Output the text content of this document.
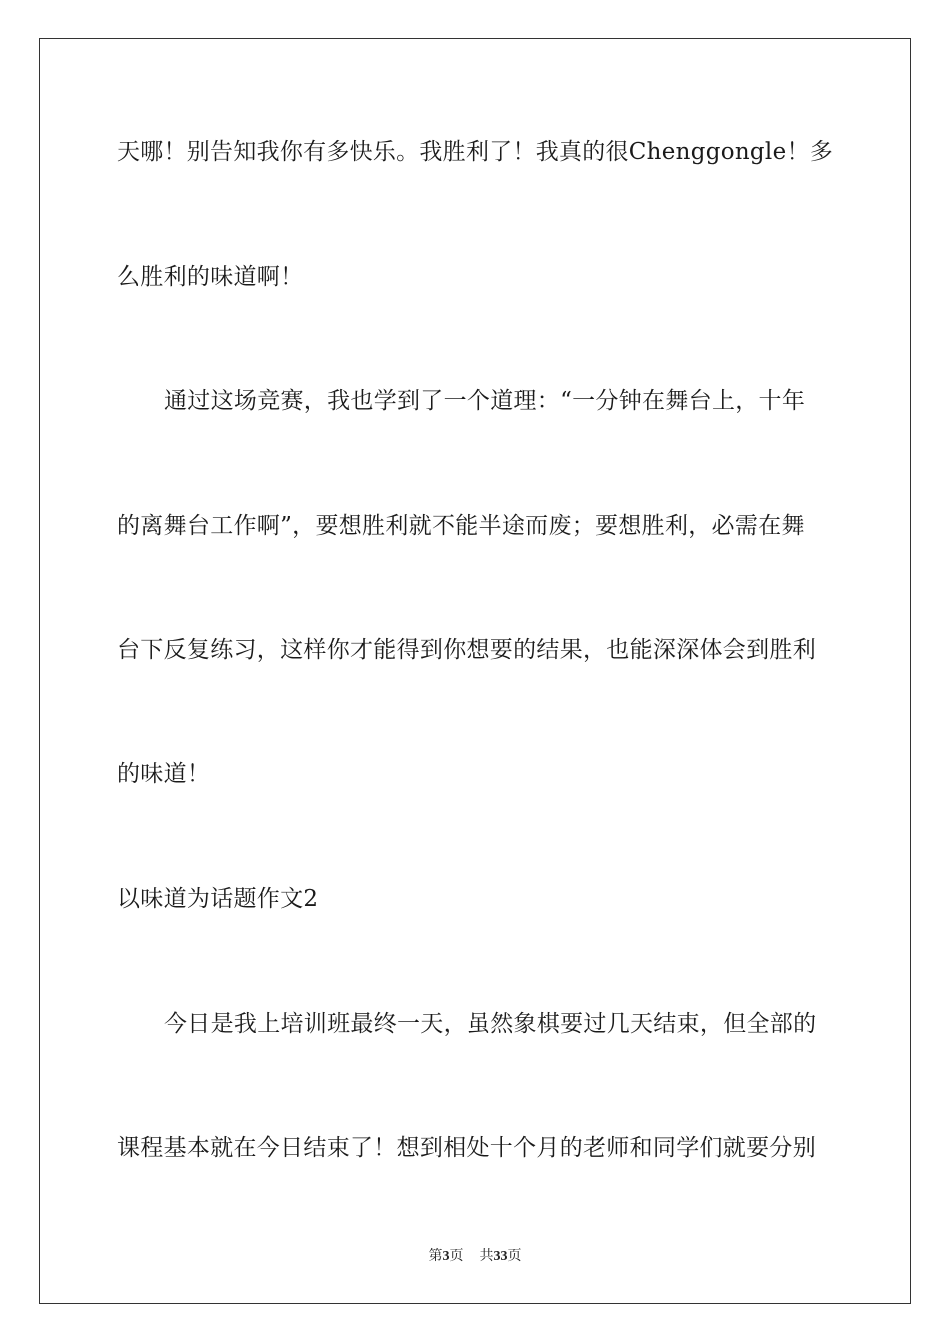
天哪！别告知我你有多快乐。我胜利了！我真的很Chenggongle！多
么胜利的味道啊！
通过这场竞赛，我也学到了一个道理：“一分钟在舞台上，十年
的离舞台工作啊”，要想胜利就不能半途而废；要想胜利，必需在舞
台下反复练习，这样你才能得到你想要的结果，也能深深体会到胜利
的味道！
以味道为话题作文2
今日是我上培训班最终一天，虽然象棋要过几天结束，但全部的
课程基本就在今日结束了！想到相处十个月的老师和同学们就要分别
第3页 共33页
